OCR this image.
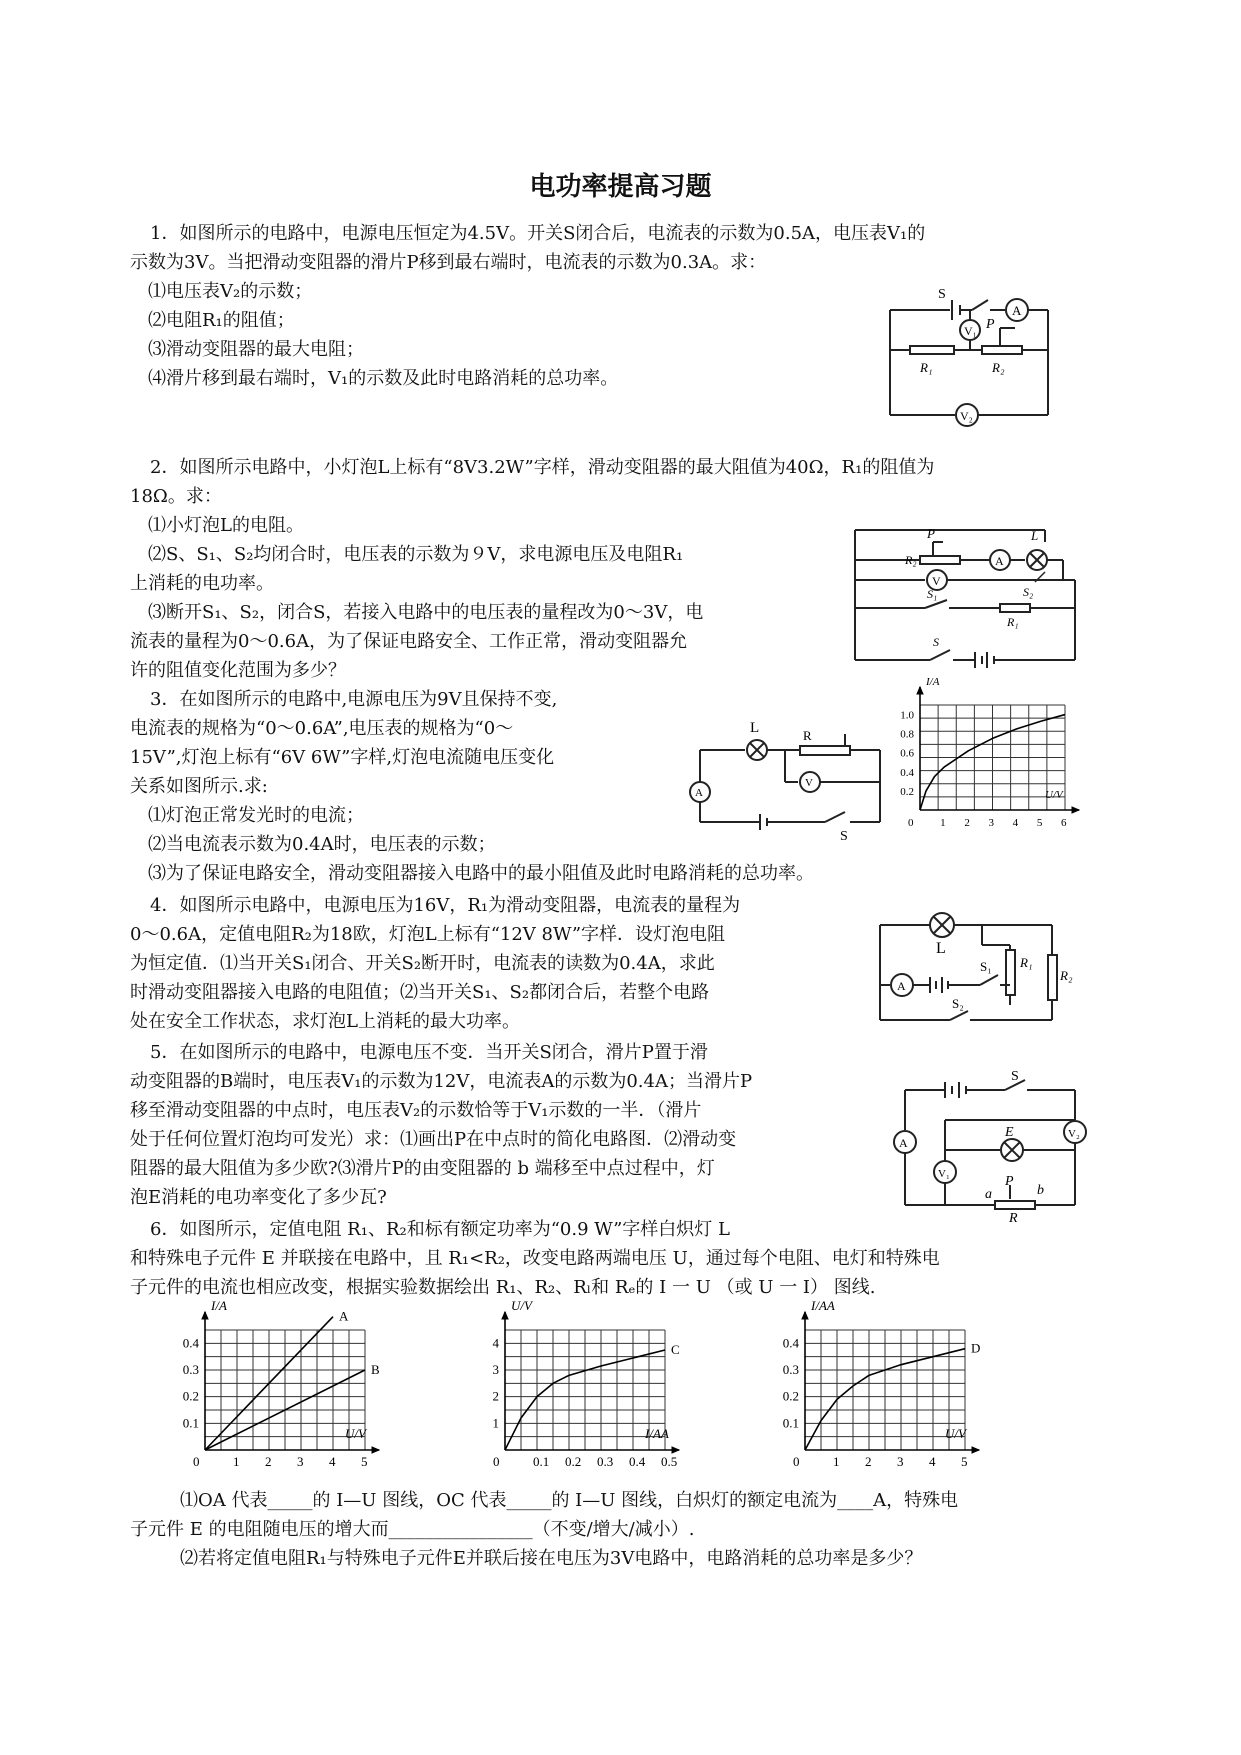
电功率提高习题
1．如图所示的电路中，电源电压恒定为4.5V。开关S闭合后，电流表的示数为0.5A，电压表V₁的
示数为3V。当把滑动变阻器的滑片P移到最右端时，电流表的示数为0.3A。求：
⑴电压表V₂的示数；
⑵电阻R₁的阻值；
⑶滑动变阻器的最大电阻；
⑷滑片移到最右端时，V₁的示数及此时电路消耗的总功率。
S
A
V₁ P
R₁	R₂
V₂
2．如图所示电路中，小灯泡L上标有“8V3.2W”字样，滑动变阻器的最大阻值为40Ω，R₁的阻值为
18Ω。求：
⑴小灯泡L的电阻。
⑵S、S₁、S₂均闭合时，电压表的示数为９V，求电源电压及电阻R₁
上消耗的电功率。
⑶断开S₁、S₂，闭合S，若接入电路中的电压表的量程改为0～3V，电
流表的量程为0～0.6A，为了保证电路安全、工作正常，滑动变阻器允
许的阻值变化范围为多少？
P
R₂	A
L
V
S₂
S₁
R₁
S
3．在如图所示的电路中,电源电压为9V且保持不变,
电流表的规格为“0～0.6A”,电压表的规格为“0～
15V”,灯泡上标有“6V 6W”字样,灯泡电流随电压变化
关系如图所示.求:
⑴灯泡正常发光时的电流；
⑵当电流表示数为0.4A时，电压表的示数；
⑶为了保证电路安全，滑动变阻器接入电路中的最小阻值及此时电路消耗的总功率。
L	R
A
V
S
I/A
U/V
0 1 2 3 4 5 6
0.2
0.4
0.6
0.8
1.0
4．如图所示电路中，电源电压为16V，R₁为滑动变阻器，电流表的量程为
0～0.6A，定值电阻R₂为18欧，灯泡L上标有“12V 8W”字样．设灯泡电阻
为恒定值．⑴当开关S₁闭合、开关S₂断开时，电流表的读数为0.4A，求此
时滑动变阻器接入电路的电阻值；⑵当开关S₁、S₂都闭合后，若整个电路
处在安全工作状态，求灯泡L上消耗的最大功率。
L
R₁
R₂
A
S₁
S₂
5．在如图所示的电路中，电源电压不变．当开关S闭合，滑片P置于滑
动变阻器的B端时，电压表V₁的示数为12V，电流表A的示数为0.4A；当滑片P
移至滑动变阻器的中点时，电压表V₂的示数恰等于V₁示数的一半．（滑片
处于任何位置灯泡均可发光）求：⑴画出P在中点时的简化电路图．⑵滑动变
阻器的最大阻值为多少欧?⑶滑片P的由变阻器的 b 端移至中点过程中，灯
泡E消耗的电功率变化了多少瓦?
S
A
E	V₂
V₁	P
a	b
R
6．如图所示，定值电阻 R₁、R₂和标有额定功率为“0.9 W”字样白炽灯 L
和特殊电子元件 E 并联接在电路中，且 R₁<R₂，改变电路两端电压 U，通过每个电阻、电灯和特殊电
子元件的电流也相应改变，根据实验数据绘出 R₁、R₂、Rₗ和 Rₑ的 I 一 U （或 U 一 I） 图线.
I/A
U/V
0	1 2 3 4 5
0.1
0.2
0.3
0.4
A
B
U/V
I/AA
0	0.1 0.2 0.3 0.4 0.5
1
2
3
4	C
I/AA
U/V
0	1 2 3 4 5
0.1
0.2
0.3
0.4	D
⑴OA 代表_____的 I—U 图线，OC 代表_____的 I—U 图线，白炽灯的额定电流为____A，特殊电
子元件 E 的电阻随电压的增大而________________（不变/增大/减小）.
⑵若将定值电阻R₁与特殊电子元件E并联后接在电压为3V电路中，电路消耗的总功率是多少？
